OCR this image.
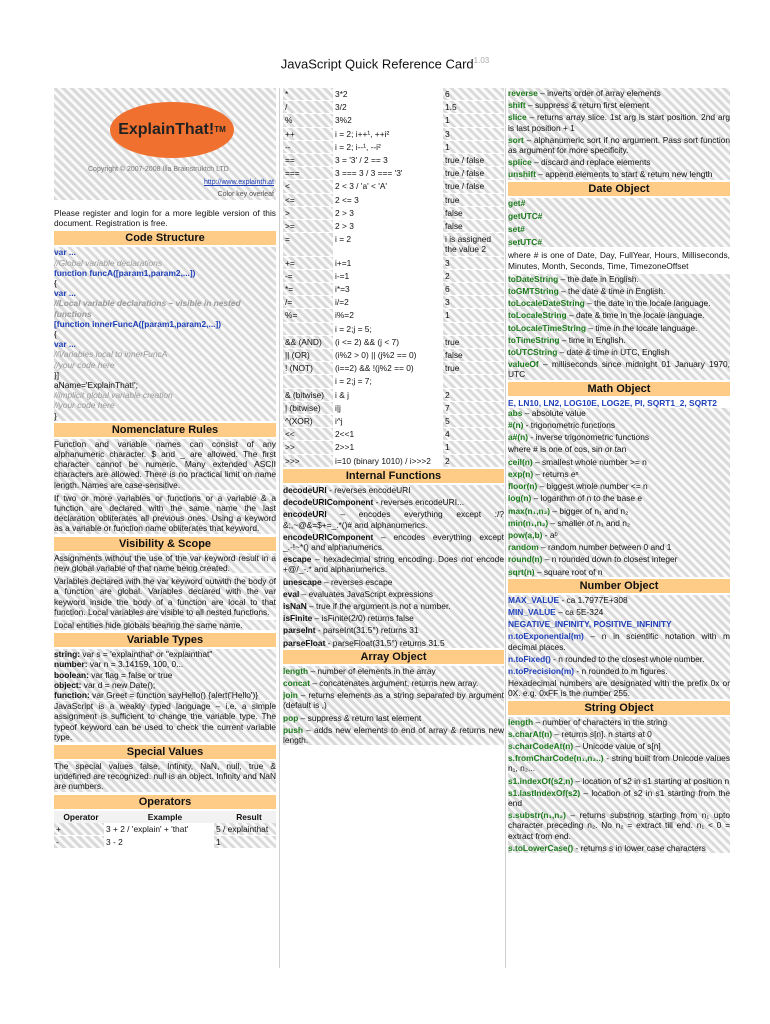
JavaScript Quick Reference Card$^{1.03}$
ExplainThat! TM
Copyright © 2007-2008 Ilia Brainstruktch LTD
http://www.explainth.at
Color key overleaf
Please register and login for a more legible version of this document. Registration is free.
Code Structure
var ...
//Global variable declarations
function funcA([param1,param2,...])
{
var ...
//Local variable declarations – visible in nested functions
[function innerFuncA([param1,param2,...])
{
var ...
//Variables local to innerFuncA
//your code here
}]
aName='ExplainThat!';
//implicit global variable creation
//your code here
}
Nomenclature Rules
Function and variable names can consist of any alphanumeric character. $ and _ are allowed. The first character cannot be numeric. Many extended ASCII characters are allowed. There is no practical limit on name length. Names are case-sensitive.
If two or more variables or functions or a variable & a function are declared with the same name the last declaration obliterates all previous ones. Using a keyword as a variable or function name obliterates that keyword.
Visibility & Scope
Assignments without the use of the var keyword result in a new global variable of that name being created.
Variables declared with the var keyword outwith the body of a function are global. Variables declared with the var keyword inside the body of a function are local to that function. Local variables are visible to all nested functions.
Local entities hide globals bearing the same name.
Variable Types
string: var s = 'explainthat' or "explainthat"
number: var n = 3.14159, 100, 0...
boolean: var flag = false or true
object: var d = new Date();
function: var Greet = function sayHello() {alert('Hello')}
JavaScript is a weakly typed language – i.e. a simple assignment is sufficient to change the variable type. The typeof keyword can be used to check the current variable type.
Special Values
The special values false, Infinity, NaN, null, true & undefined are recognized. null is an object. Infinity and NaN are numbers.
Operators
Operator	Example	Result
+	3 + 2 / 'explain' + 'that'	5 / explainthat
-	3 - 2	1
*	3*2	6
/	3/2	1.5
%	3%2	1
++	i = 2; i++¹, ++i²	3
--	i = 2; i--¹, --i²	1
==	3 = '3' / 2 == 3	true / false
===	3 === 3 / 3 === '3'	true / false
<	2 < 3 / 'a' < 'A'	true / false
<=	2 <= 3	true
>	2 > 3	false
>=	2 > 3	false
=	i = 2	i is assigned the value 2
+=	i+=1	3
-=	i-=1	2
*=	i*=3	6
/=	i/=2	3
%=	i%=2	1
i = 2;j = 5;
&& (AND)	(i <= 2) && (j < 7)	true
|| (OR)	(i%2 > 0) || (j%2 == 0)	false
! (NOT)	(i==2) && !(j%2 == 0)	true
i = 2;j = 7;
& (bitwise)	i & j	2
| (bitwise)	i|j	7
^(XOR)	i^j	5
<<	2<<1	4
>>	2>>1	1
>>>	i=10 (binary 1010) / i>>>2	2
Internal Functions
decodeURI - reverses encodeURI
decodeURIComponent - reverses encodeURI...
encodeURI – encodes everything except :/?&;,~@&=$+=_.*()# and alphanumerics.
encodeURIComponent – encodes everything except _.-!~*() and alphanumerics.
escape – hexadecimal string encoding. Does not encode +@/_-.* and alphanumerics.
unescape – reverses escape
eval – evaluates JavaScript expressions
isNaN – true if the argument is not a number.
isFinite – isFinite(2/0) returns false
parseInt - parseInt(31.5°) returns 31
parseFloat - parseFloat(31.5°) returns 31.5
Array Object
length – number of elements in the array
concat – concatenates argument, returns new array.
join – returns elements as a string separated by argument (default is ,)
pop – suppress & return last element
push – adds new elements to end of array & returns new length.
reverse – inverts order of array elements
shift – suppress & return first element
slice – returns array slice. 1st arg is start position. 2nd arg is last position + 1
sort – alphanumeric sort if no argument. Pass sort function as argument for more specificity.
splice – discard and replace elements
unshift – append elements to start & return new length
Date Object
get#
getUTC#
set#
setUTC#
where # is one of Date, Day, FullYear, Hours, Milliseconds, Minutes, Month, Seconds, Time, TimezoneOffset
toDateString – the date in English.
toGMTString – the date & time in English.
toLocaleDateString – the date in the locale language.
toLocaleString – date & time in the locale language.
toLocaleTimeString – time in the locale language.
toTimeString – time in English.
toUTCString – date & time in UTC, English
valueOf – milliseconds since midnight 01 January 1970, UTC
Math Object
E, LN10, LN2, LOG10E, LOG2E, PI, SQRT1_2, SQRT2
abs – absolute value
#(n) - trigonometric functions
a#(n) - inverse trigonometric functions
where # is one of cos, sin or tan
ceil(n) – smallest whole number >= n
exp(n) – returns eⁿ
floor(n) – biggest whole number <= n
log(n) – logarithm of n to the base e
max(n₁,n₂) – bigger of n₁ and n₂
min(n₁,n₂) – smaller of n₁ and n₂
pow(a,b) - aᵇ
random – random number between 0 and 1
round(n) – n rounded down to closest integer
sqrt(n) – square root of n
Number Object
MAX_VALUE - ca 1.7977E+308
MIN_VALUE – ca 5E-324
NEGATIVE_INFINITY, POSITIVE_INFINITY
n.toExponential(m) – n in scientific notation with m decimal places.
n.toFixed() - n rounded to the closest whole number.
n.toPrecision(m) - n rounded to m figures.
Hexadecimal numbers are designated with the prefix 0x or 0X. e.g. 0xFF is the number 255.
String Object
length – number of characters in the string
s.charAt(n) – returns s[n]. n starts at 0
s.charCodeAt(n) – Unicode value of s[n]
s.fromCharCode(n₁,n₂..) - string built from Unicode values n₁, n₂...
s1.indexOf(s2,n) – location of s2 in s1 starting at position n
s1.lastIndexOf(s2) – location of s2 in s1 starting from the end
s.substr(n₁,n₂) – returns substring starting from n₁ upto character preceding n₂. No n₂ = extract till end. n₁ < 0 = extract from end.
s.toLowerCase() - returns s in lower case characters
